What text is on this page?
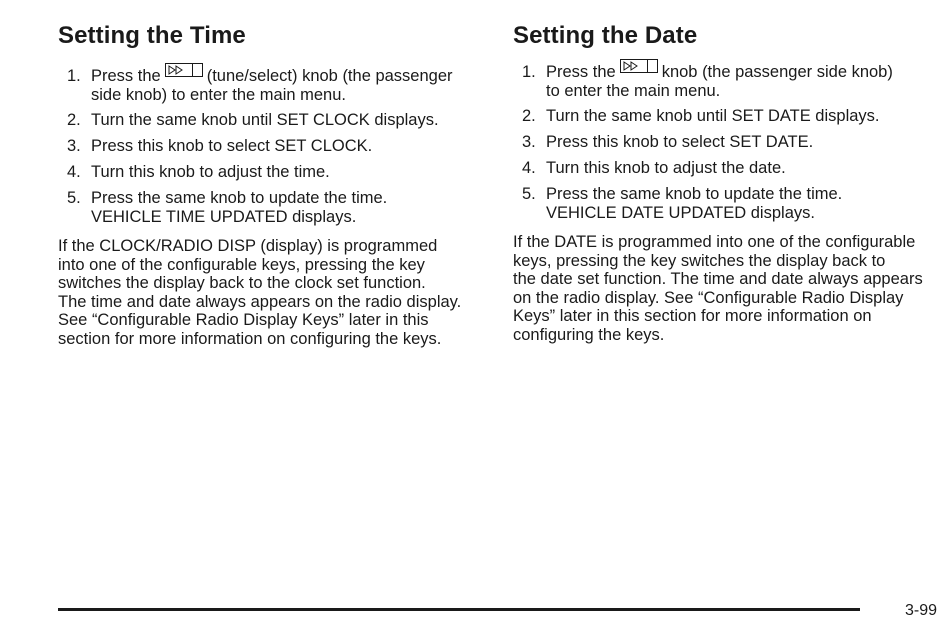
Setting the Time
1. Press the	(tune/select) knob (the passenger
side knob) to enter the main menu.
2. Turn the same knob until SET CLOCK displays.
3. Press this knob to select SET CLOCK.
4. Turn this knob to adjust the time.
5. Press the same knob to update the time.
VEHICLE TIME UPDATED displays.

If the CLOCK/RADIO DISP (display) is programmed
into one of the configurable keys, pressing the key
switches the display back to the clock set function.
The time and date always appears on the radio display.
See “Configurable Radio Display Keys” later in this
section for more information on configuring the keys.

Setting the Date
1. Press the	knob (the passenger side knob)
to enter the main menu.
2. Turn the same knob until SET DATE displays.
3. Press this knob to select SET DATE.
4. Turn this knob to adjust the date.
5. Press the same knob to update the time.
VEHICLE DATE UPDATED displays.

If the DATE is programmed into one of the configurable
keys, pressing the key switches the display back to
the date set function. The time and date always appears
on the radio display. See “Configurable Radio Display
Keys” later in this section for more information on
configuring the keys.

3-99
